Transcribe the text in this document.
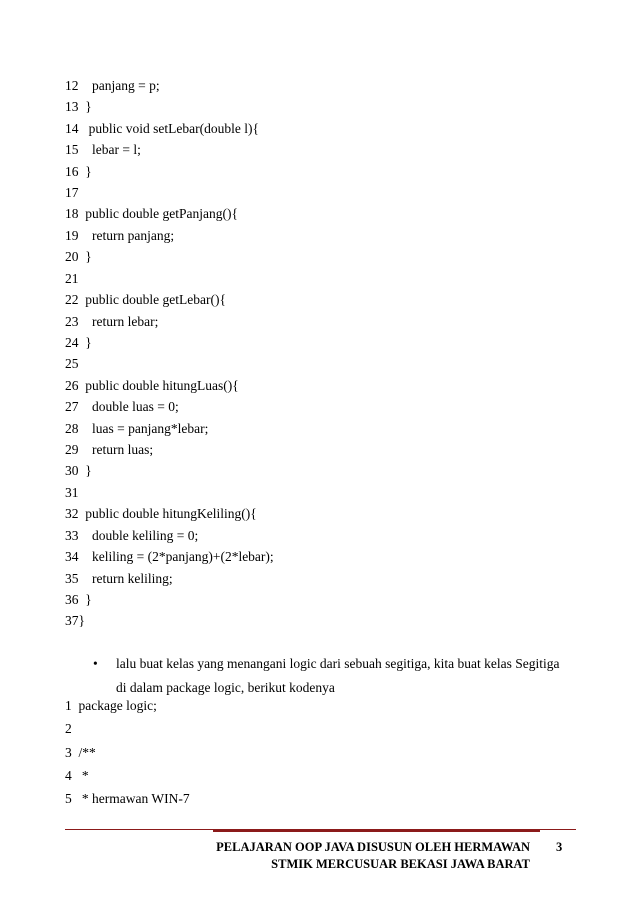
12    panjang = p;
13  }
14   public void setLebar(double l){
15    lebar = l;
16  }
17
18  public double getPanjang(){
19    return panjang;
20  }
21
22  public double getLebar(){
23    return lebar;
24  }
25
26  public double hitungLuas(){
27    double luas = 0;
28    luas = panjang*lebar;
29    return luas;
30  }
31
32  public double hitungKeliling(){
33    double keliling = 0;
34    keliling = (2*panjang)+(2*lebar);
35    return keliling;
36  }
37}
• lalu buat kelas yang menangani logic dari sebuah segitiga, kita buat kelas Segitiga di dalam package logic, berikut kodenya
1  package logic;
2
3  /**
4   *
5   * hermawan WIN-7
PELAJARAN OOP JAVA DISUSUN OLEH HERMAWAN
STMIK MERCUSUAR BEKASI JAWA BARAT
3
